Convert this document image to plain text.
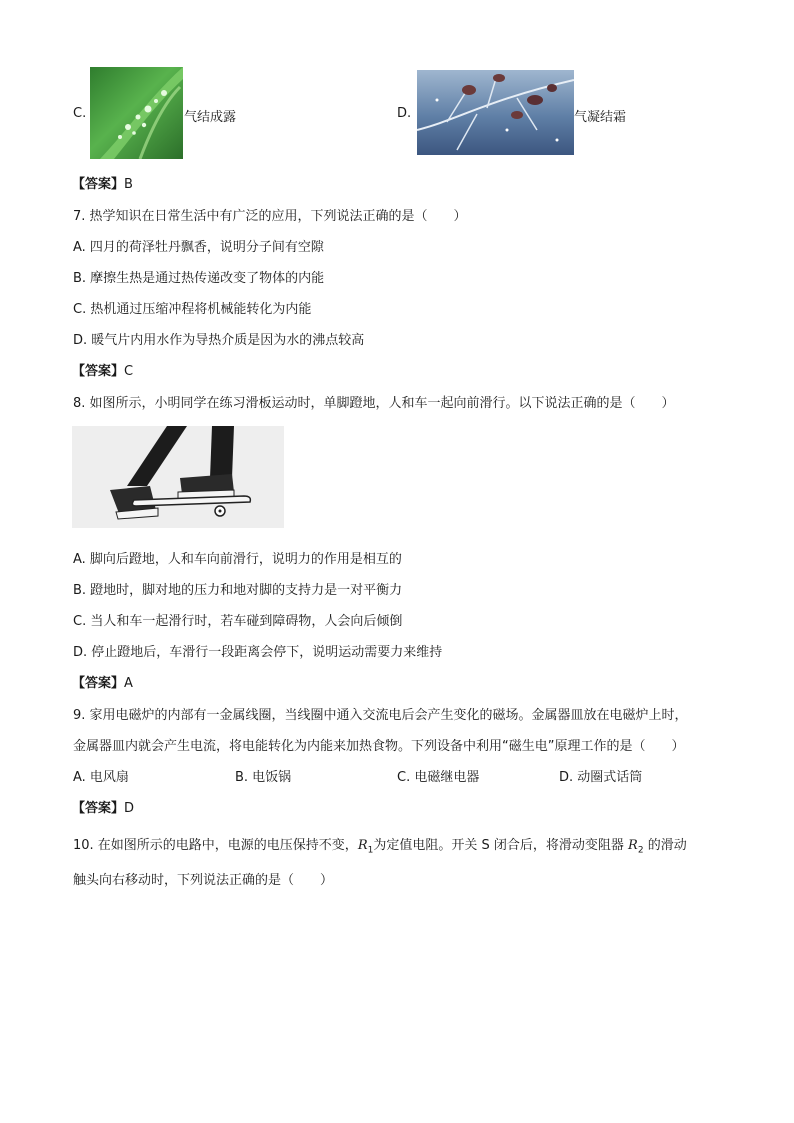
C.	气结成露	D.	气凝结霜
【答案】B
7. 热学知识在日常生活中有广泛的应用，下列说法正确的是（　　）
A. 四月的荷泽牡丹飘香，说明分子间有空隙
B. 摩擦生热是通过热传递改变了物体的内能
C. 热机通过压缩冲程将机械能转化为内能
D. 暖气片内用水作为导热介质是因为水的沸点较高
【答案】C
8. 如图所示，小明同学在练习滑板运动时，单脚蹬地，人和车一起向前滑行。以下说法正确的是（　　）
A. 脚向后蹬地，人和车向前滑行，说明力的作用是相互的
B. 蹬地时，脚对地的压力和地对脚的支持力是一对平衡力
C. 当人和车一起滑行时，若车碰到障碍物，人会向后倾倒
D. 停止蹬地后，车滑行一段距离会停下，说明运动需要力来维持
【答案】A
9. 家用电磁炉的内部有一金属线圈，当线圈中通入交流电后会产生变化的磁场。金属器皿放在电磁炉上时，
金属器皿内就会产生电流，将电能转化为内能来加热食物。下列设备中利用“磁生电”原理工作的是（　　）
A. 电风扇	B. 电饭锅	C. 电磁继电器	D. 动圈式话筒
【答案】D
10. 在如图所示的电路中，电源的电压保持不变，$R_1$为定值电阻。开关 S 闭合后，将滑动变阻器 $R_2$ 的滑动
触头向右移动时，下列说法正确的是（　　）
